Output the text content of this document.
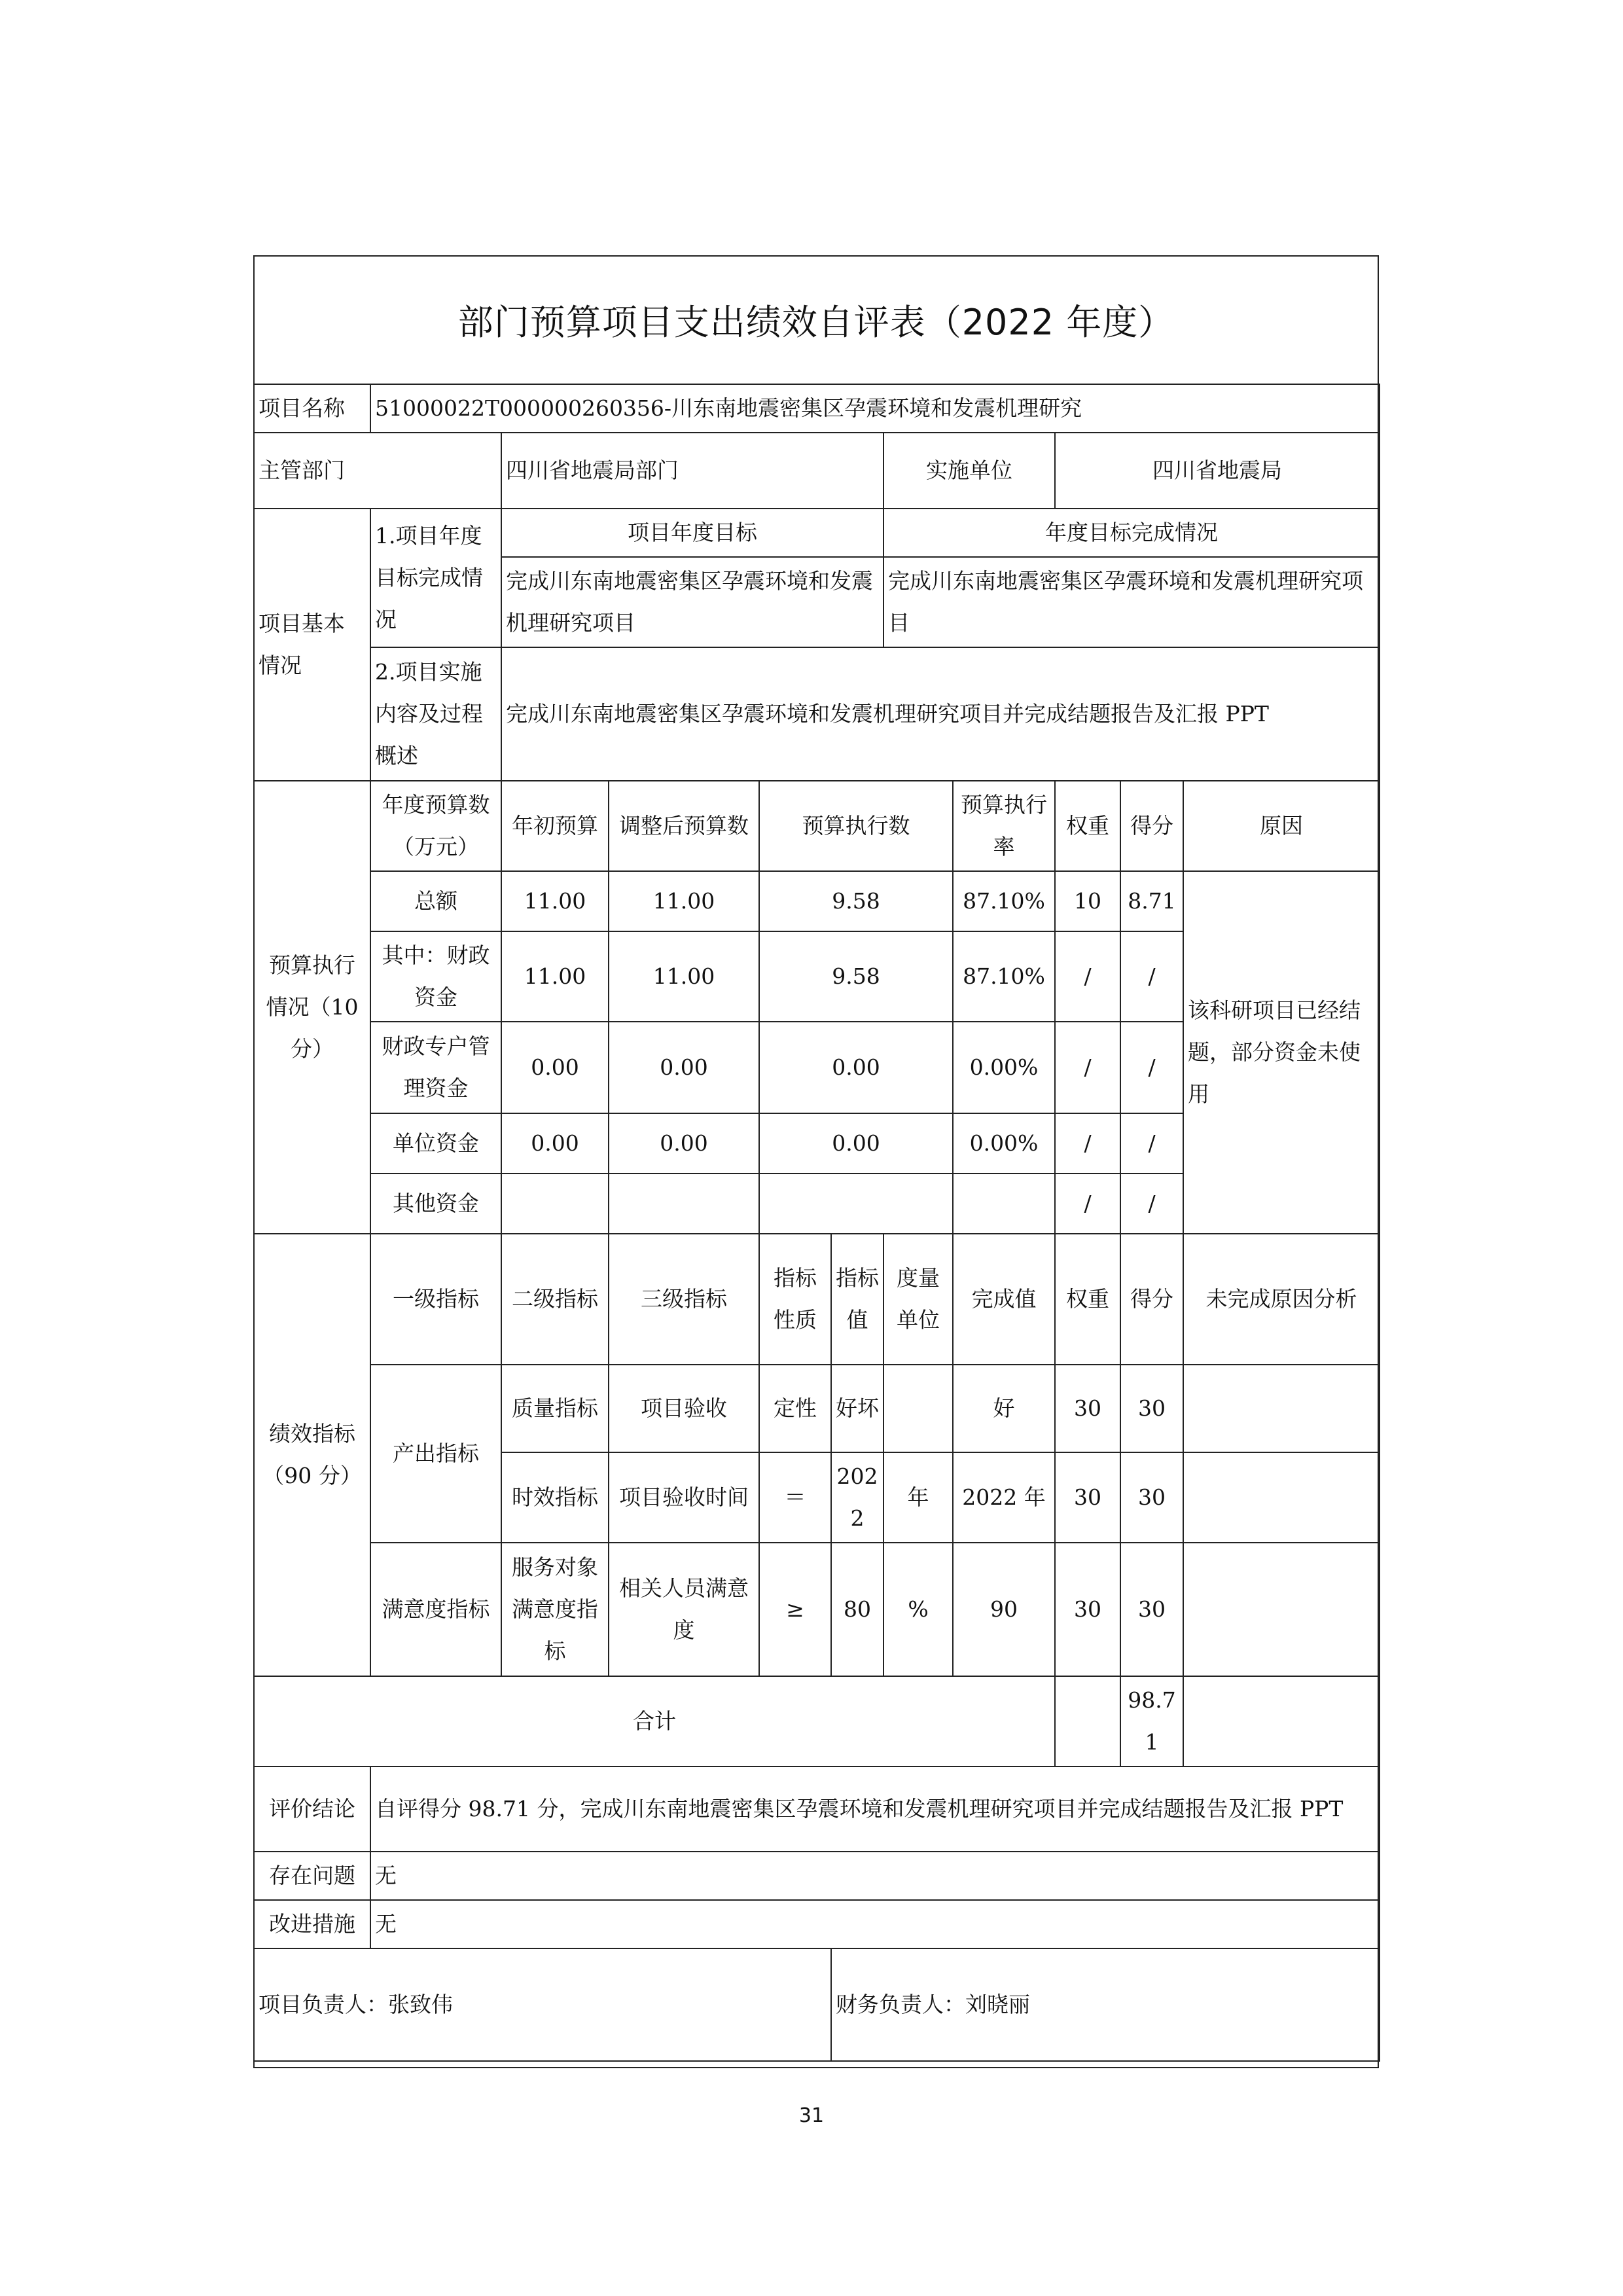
部门预算项目支出绩效自评表（2022 年度）
项目名称	51000022T000000260356-川东南地震密集区孕震环境和发震机理研究									
主管部门		四川省地震局部门				实施单位		四川省地震局		
项目基本情况	1.项目年度目标完成情况	项目年度目标				年度目标完成情况				
		完成川东南地震密集区孕震环境和发震机理研究项目				完成川东南地震密集区孕震环境和发震机理研究项目				
	2.项目实施内容及过程概述	完成川东南地震密集区孕震环境和发震机理研究项目并完成结题报告及汇报 PPT								
预算执行情况（10分）	年度预算数（万元）	年初预算	调整后预算数	预算执行数			预算执行率	权重	得分	原因
	总额	11.00	11.00	9.58			87.10%	10	8.71	该科研项目已经结题，部分资金未使用
	其中：财政资金	11.00	11.00	9.58			87.10%	/	/	
	财政专户管理资金	0.00	0.00	0.00			0.00%	/	/	
	单位资金	0.00	0.00	0.00			0.00%	/	/	
	其他资金							/	/	
绩效指标（90 分）	一级指标	二级指标	三级指标	指标性质	指标值	度量单位	完成值	权重	得分	未完成原因分析
	产出指标	质量指标	项目验收	定性	好坏		好	30	30	
		时效指标	项目验收时间	＝	2022	年	2022 年	30	30	
	满意度指标	服务对象满意度指标	相关人员满意度	≥	80	%	90	30	30	
合计									98.71	
评价结论	自评得分 98.71 分，完成川东南地震密集区孕震环境和发震机理研究项目并完成结题报告及汇报 PPT									
存在问题	无									
改进措施	无									
项目负责人：张致伟					财务负责人：刘晓丽					
31
